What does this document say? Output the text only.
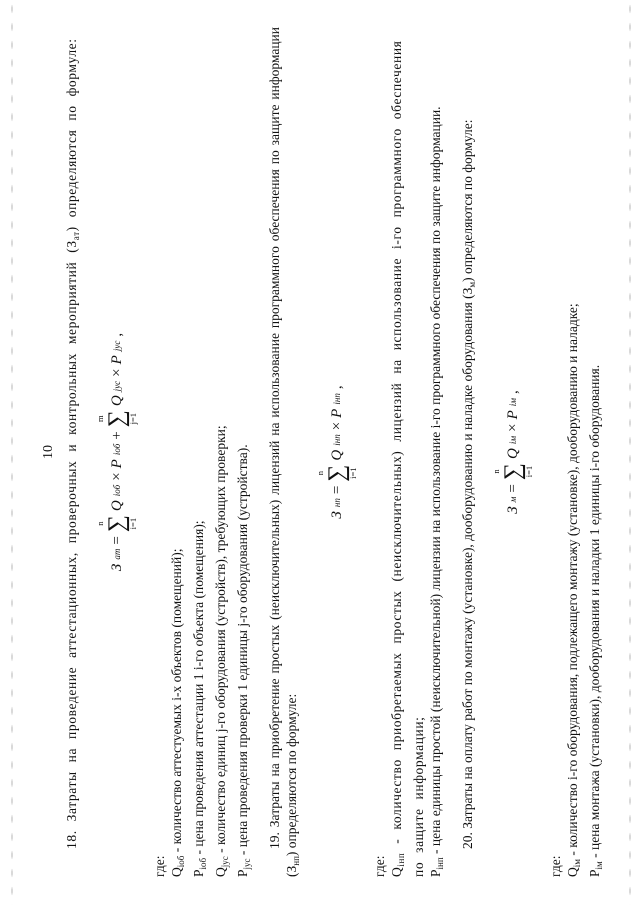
10 18. Затраты на проведение аттестационных, проверочных и контрольных мероприятий $(З_{ат})$ определяются по формуле:

З
ат
=
n ∑
i=1
Q
iоб
×
P
iоб
+
m ∑
j=1
Q
jус
×
P
jус
,

где: $Q_{iоб}$ - количество аттестуемых i-х объектов (помещений);

$P_{iоб}$ - цена проведения аттестации 1 i-го объекта (помещения);

$Q_{jус}$ - количество единиц j-го оборудования (устройств), требующих проверки;

$P_{jус}$ - цена проведения проверки 1 единицы j-го оборудования (устройства).	19. Затраты на приобретение простых (неисключительных) лицензий на использование программного обеспечения по защите информации $(З_{нп})$ определяются по формуле:

З
нп
=
n ∑
i=1
Q
iнп
×
P
iнп
,

где: $Q_{iнп}$ - количество приобретаемых простых (неисключительных) лицензий на использование i-го программного обеспечения по защите информации; $P_{iнп}$ - цена единицы простой (неисключительной) лицензии на использование i-го программного обеспечения по защите информации.	20. Затраты на оплату работ по монтажу (установке), дооборудованию и наладке оборудования $(З_м)$ определяются по формуле:

З
м
=
n ∑
i=1
Q
iм
×
P
iм
,

где: $Q_{iм}$ - количество i-го оборудования, подлежащего монтажу (установке), дооборудованию и наладке;

$P_{iм}$ - цена монтажа (установки), дооборудования и наладки 1 единицы i-го оборудования.
